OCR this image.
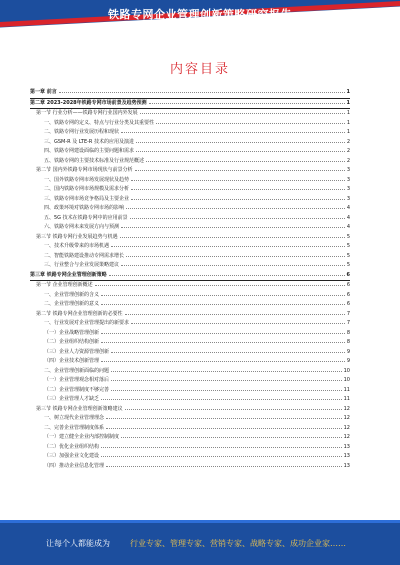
铁路专网企业管理创新策略研究报告
内容目录
第一章 前言	1
第二章 2023-2028年铁路专网市场前景及趋势预测	1
第一节 行业分析——铁路专网行业国内外发展	1
一、铁路专网的定义、特点与行业分类及其重要性	1
二、铁路专网行业发展历程和现状	1
三、GSM-R 及 LTE-R 技术的应用及演进	2
四、铁路专网建设面临的主要问题和需求	2
五、铁路专网的主要技术标准及行业规范概述	2
第二节 国内外铁路专网市场现状与前景分析	3
一、国外铁路专网市场发展现状及趋势	3
二、国内铁路专网市场规模及需求分析	3
三、铁路专网市场竞争格局及主要企业	3
四、政策环境对铁路专网市场的影响	4
五、5G 技术在铁路专网中的应用前景	4
六、铁路专网未来发展方向与预测	4
第三节 铁路专网行业发展趋势与机遇	5
一、技术升级带来的市场机遇	5
二、智能铁路建设推动专网需求增长	5
三、行业整合与企业发展策略建议	5
第三章 铁路专网企业管理创新策略	6
第一节 企业管理创新概述	6
一、企业管理创新的含义	6
二、企业管理创新的意义	6
第二节 铁路专网企业管理创新的必要性	7
一、行业发展对企业管理提出的新要求	7
（一）企业战略管理创新	8
（二）企业组织结构创新	8
（三）企业人力资源管理创新	9
（四）企业技术创新管理	9
二、企业管理创新面临的问题	10
（一）企业管理观念相对落后	10
（二）企业管理制度不够完善	11
（三）企业管理人才缺乏	11
第三节 铁路专网企业管理创新策略建议	12
一、树立现代企业管理理念	12
二、完善企业管理制度体系	12
（一）建立健全企业内部控制制度	12
（二）优化企业组织结构	13
（三）加强企业文化建设	13
（四）推动企业信息化管理	13
让每个人都能成为	行业专家、管理专家、营销专家、战略专家、成功企业家……
